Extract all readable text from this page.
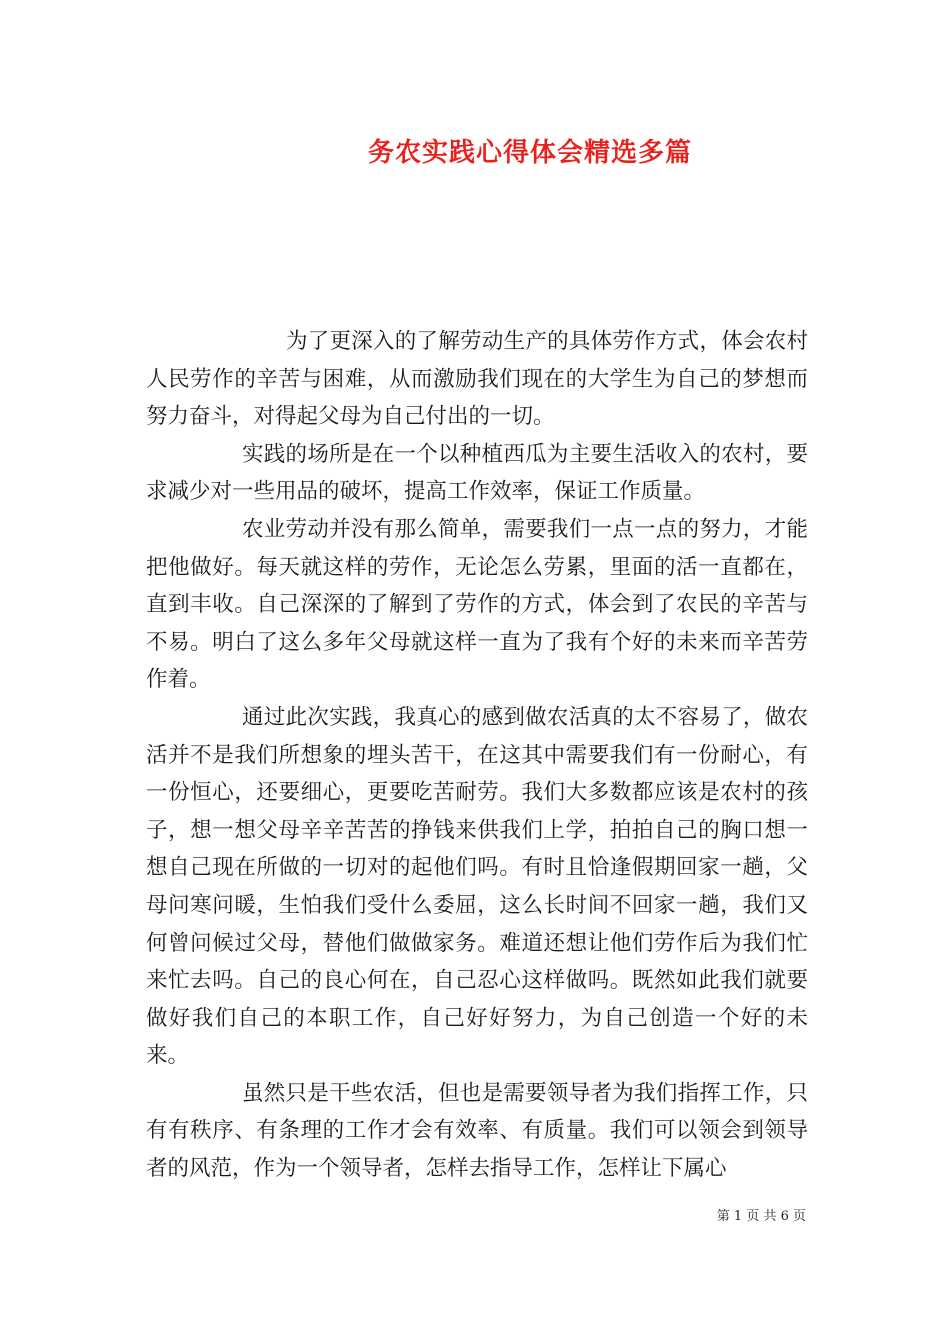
务农实践心得体会精选多篇

为了更深入的了解劳动生产的具体劳作方式，体会农村人民劳作的辛苦与困难，从而激励我们现在的大学生为自己的梦想而努力奋斗，对得起父母为自己付出的一切。

实践的场所是在一个以种植西瓜为主要生活收入的农村，要求减少对一些用品的破坏，提高工作效率，保证工作质量。

农业劳动并没有那么简单，需要我们一点一点的努力，才能把他做好。每天就这样的劳作，无论怎么劳累，里面的活一直都在，直到丰收。自己深深的了解到了劳作的方式，体会到了农民的辛苦与不易。明白了这么多年父母就这样一直为了我有个好的未来而辛苦劳作着。

通过此次实践，我真心的感到做农活真的太不容易了，做农活并不是我们所想象的埋头苦干，在这其中需要我们有一份耐心，有一份恒心，还要细心，更要吃苦耐劳。我们大多数都应该是农村的孩子，想一想父母辛辛苦苦的挣钱来供我们上学，拍拍自己的胸口想一想自己现在所做的一切对的起他们吗。有时且恰逢假期回家一趟，父母问寒问暖，生怕我们受什么委屈，这么长时间不回家一趟，我们又何曾问候过父母，替他们做做家务。难道还想让他们劳作后为我们忙来忙去吗。自己的良心何在，自己忍心这样做吗。既然如此我们就要做好我们自己的本职工作，自己好好努力，为自己创造一个好的未来。

虽然只是干些农活，但也是需要领导者为我们指挥工作，只有有秩序、有条理的工作才会有效率、有质量。我们可以领会到领导者的风范，作为一个领导者，怎样去指导工作，怎样让下属心

第 1 页 共 6 页
